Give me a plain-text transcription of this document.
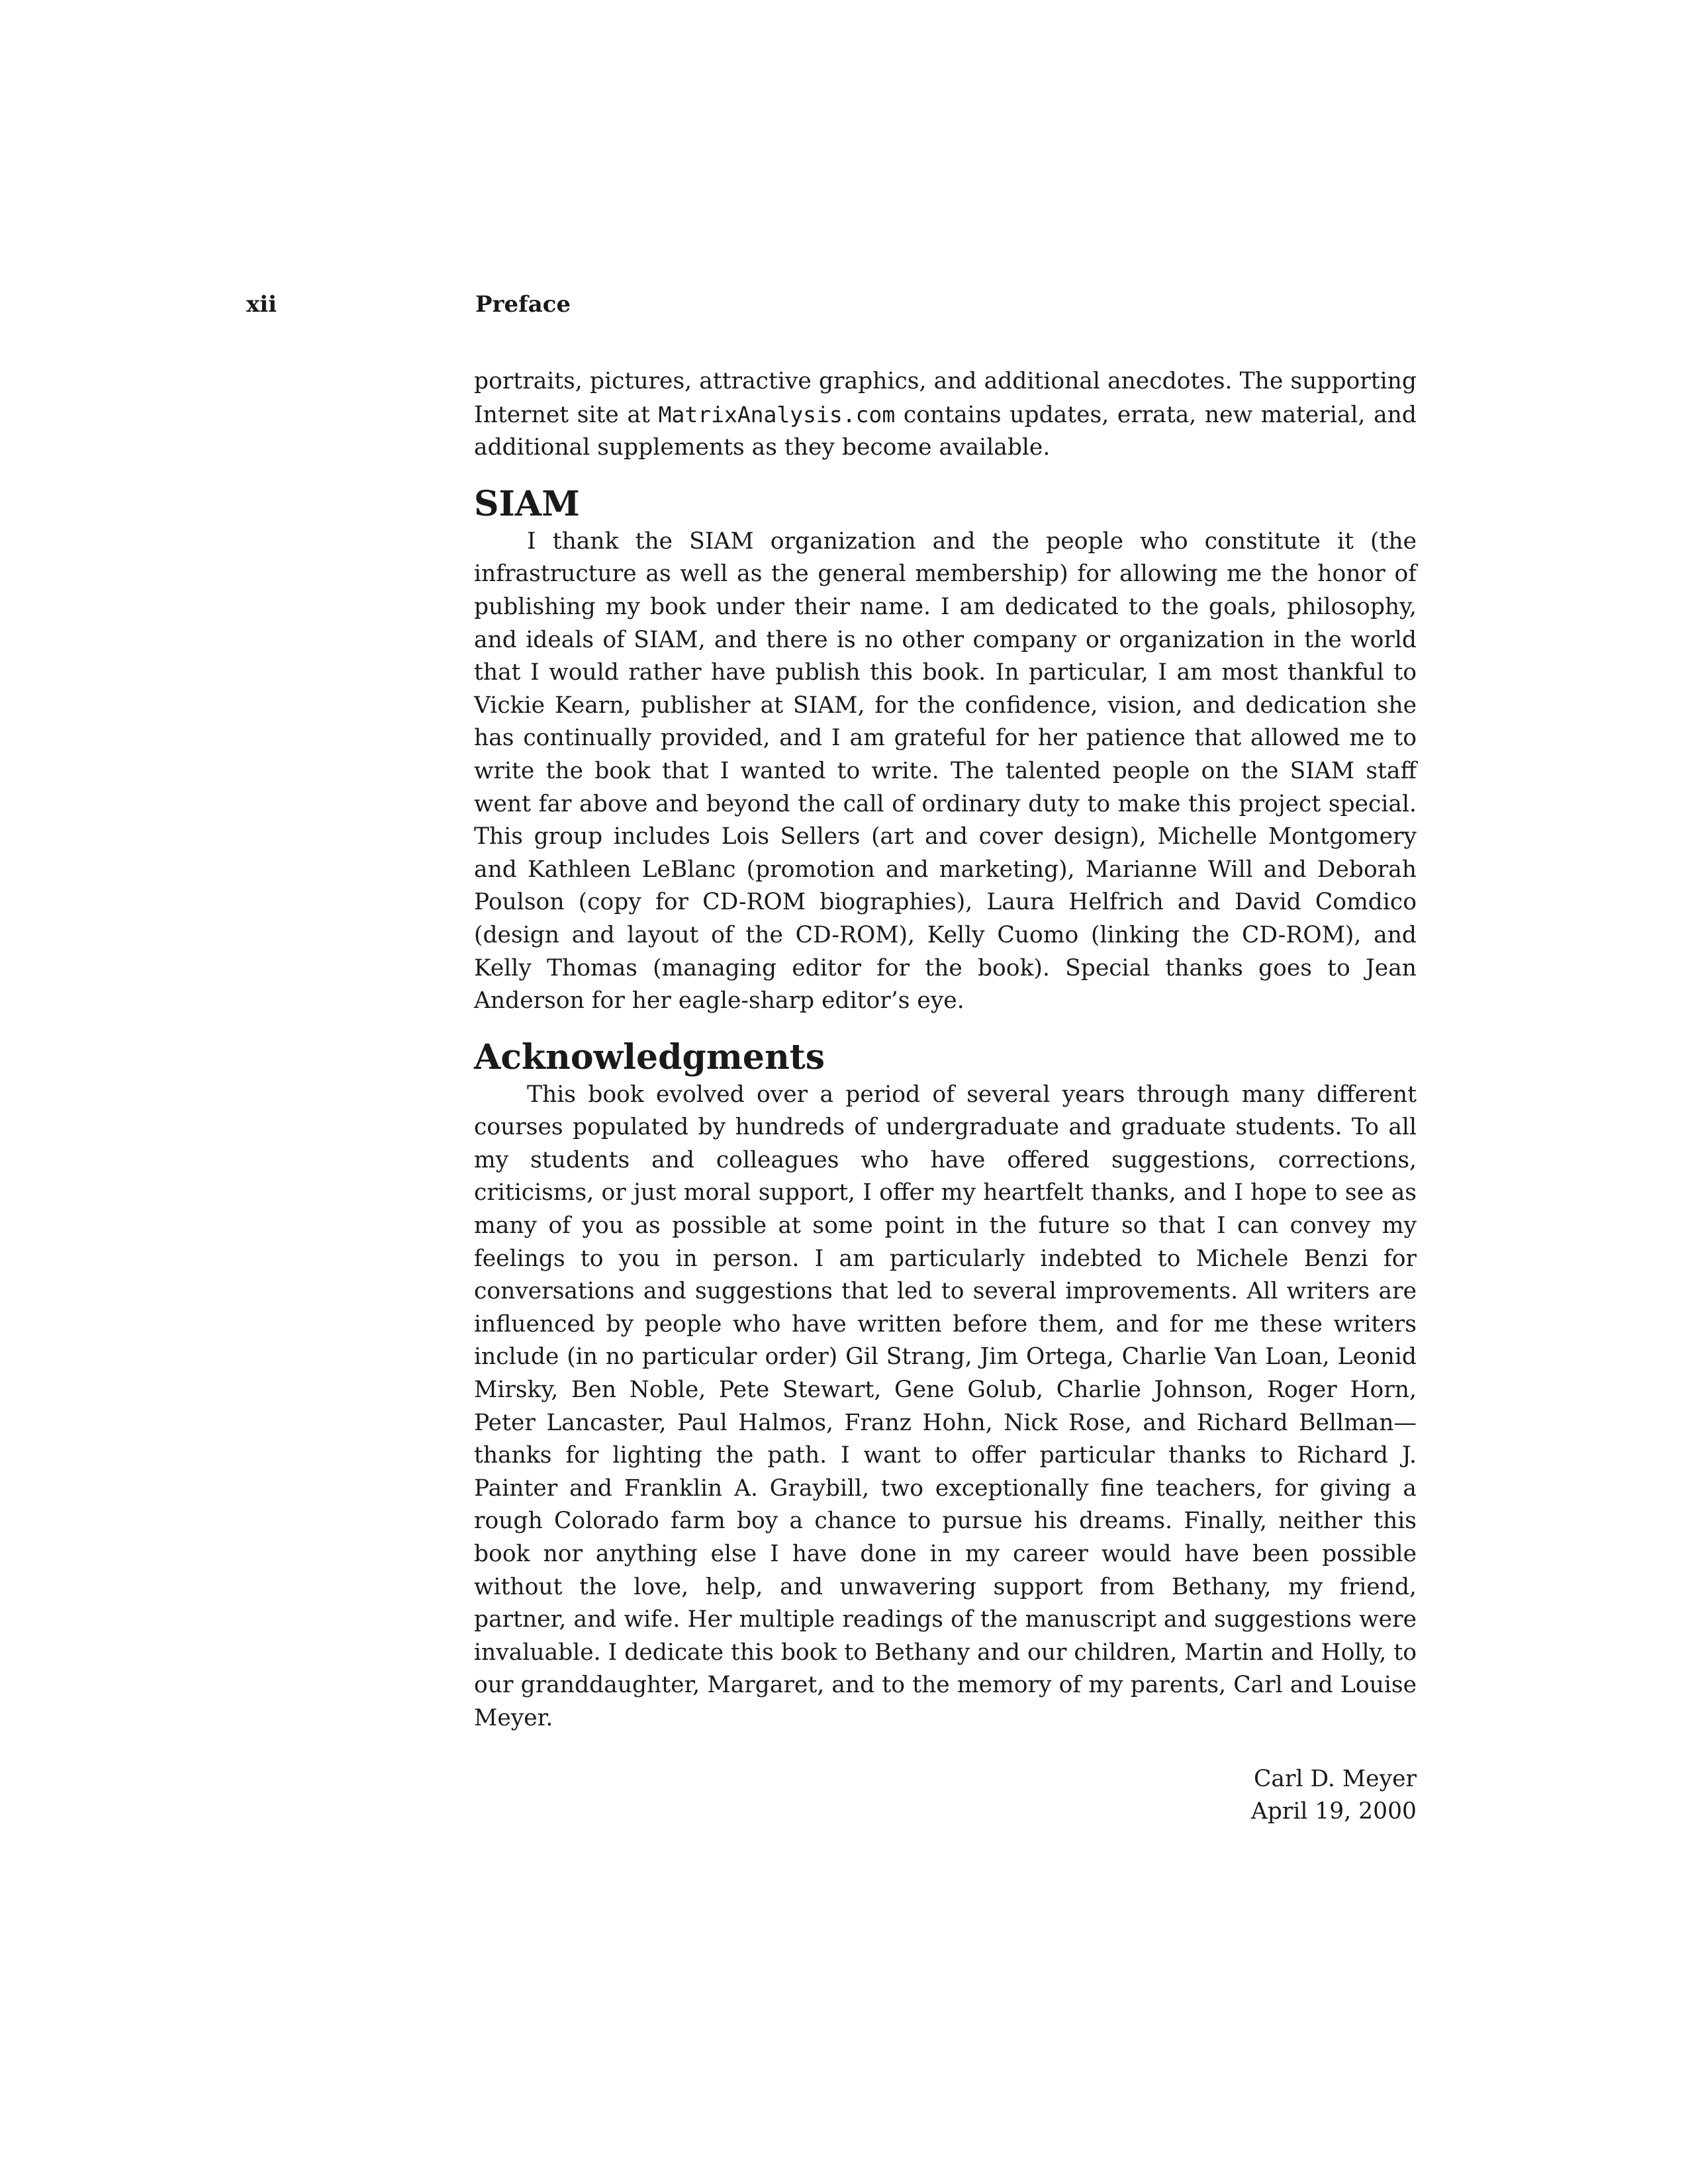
xii	Preface

portraits, pictures, attractive graphics, and additional anecdotes. The supporting Internet site at MatrixAnalysis.com contains updates, errata, new material, and additional supplements as they become available.

SIAM

I thank the SIAM organization and the people who constitute it (the infrastructure as well as the general membership) for allowing me the honor of publishing my book under their name. I am dedicated to the goals, philosophy, and ideals of SIAM, and there is no other company or organization in the world that I would rather have publish this book. In particular, I am most thankful to Vickie Kearn, publisher at SIAM, for the confidence, vision, and dedication she has continually provided, and I am grateful for her patience that allowed me to write the book that I wanted to write. The talented people on the SIAM staff went far above and beyond the call of ordinary duty to make this project special. This group includes Lois Sellers (art and cover design), Michelle Montgomery and Kathleen LeBlanc (promotion and marketing), Marianne Will and Deborah Poulson (copy for CD-ROM biographies), Laura Helfrich and David Comdico (design and layout of the CD-ROM), Kelly Cuomo (linking the CD-ROM), and Kelly Thomas (managing editor for the book). Special thanks goes to Jean Anderson for her eagle-sharp editor’s eye.

Acknowledgments

This book evolved over a period of several years through many different courses populated by hundreds of undergraduate and graduate students. To all my students and colleagues who have offered suggestions, corrections, criticisms, or just moral support, I offer my heartfelt thanks, and I hope to see as many of you as possible at some point in the future so that I can convey my feelings to you in person. I am particularly indebted to Michele Benzi for conversations and suggestions that led to several improvements. All writers are influenced by people who have written before them, and for me these writers include (in no particular order) Gil Strang, Jim Ortega, Charlie Van Loan, Leonid Mirsky, Ben Noble, Pete Stewart, Gene Golub, Charlie Johnson, Roger Horn, Peter Lancaster, Paul Halmos, Franz Hohn, Nick Rose, and Richard Bellman—thanks for lighting the path. I want to offer particular thanks to Richard J. Painter and Franklin A. Graybill, two exceptionally fine teachers, for giving a rough Colorado farm boy a chance to pursue his dreams. Finally, neither this book nor anything else I have done in my career would have been possible without the love, help, and unwavering support from Bethany, my friend, partner, and wife. Her multiple readings of the manuscript and suggestions were invaluable. I dedicate this book to Bethany and our children, Martin and Holly, to our granddaughter, Margaret, and to the memory of my parents, Carl and Louise Meyer.

Carl D. Meyer
April 19, 2000
